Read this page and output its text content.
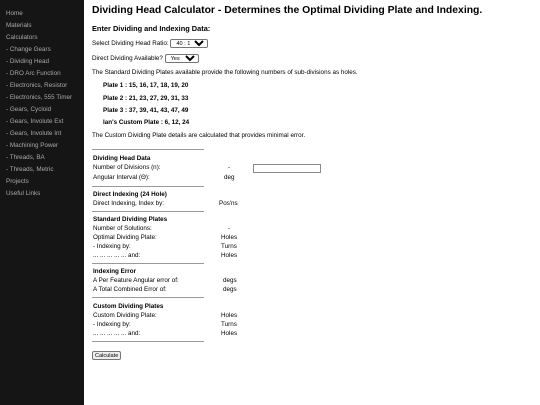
Home
Materials
Calculators
- Change Gears
- Dividing Head
- DRO Arc Function
- Electronics, Resistor
- Electronics, 555 Timer
- Gears, Cycloid
- Gears, Involute Ext
- Gears, Involute Int
- Machining Power
- Threads, BA
- Threads, Metric
Projects
Useful Links
Dividing Head Calculator - Determines the Optimal Dividing Plate and Indexing.
Enter Dividing and Indexing Data:
Select Dividing Head Ratio:
40 : 1
Direct Dividing Available?
Yes
The Standard Dividing Plates available provide the following numbers of sub-divisions as holes.
Plate 1 : 15, 16, 17, 18, 19, 20
Plate 2 : 21, 23, 27, 29, 31, 33
Plate 3 : 37, 39, 41, 43, 47, 49
Ian's Custom Plate : 6, 12, 24
The Custom Dividing Plate details are calculated that provides minimal error.
Dividing Head Data
Number of Divisions (n):	-
Angular Interval (Θ):	deg
Direct Indexing (24 Hole)
Direct Indexing, Index by:	Pos'ns
Standard Dividing Plates
Number of Solutions:	-
Optimal Dividing Plate:	Holes
- Indexing by:	Turns
... ... ... ... ... and:	Holes
Indexing Error
A Per Feature Angular error of:	degs
A Total Combined Error of:	degs
Custom Dividing Plates
Custom Dividing Plate:	Holes
- Indexing by:	Turns
... ... ... ... ... and:	Holes
Calculate
